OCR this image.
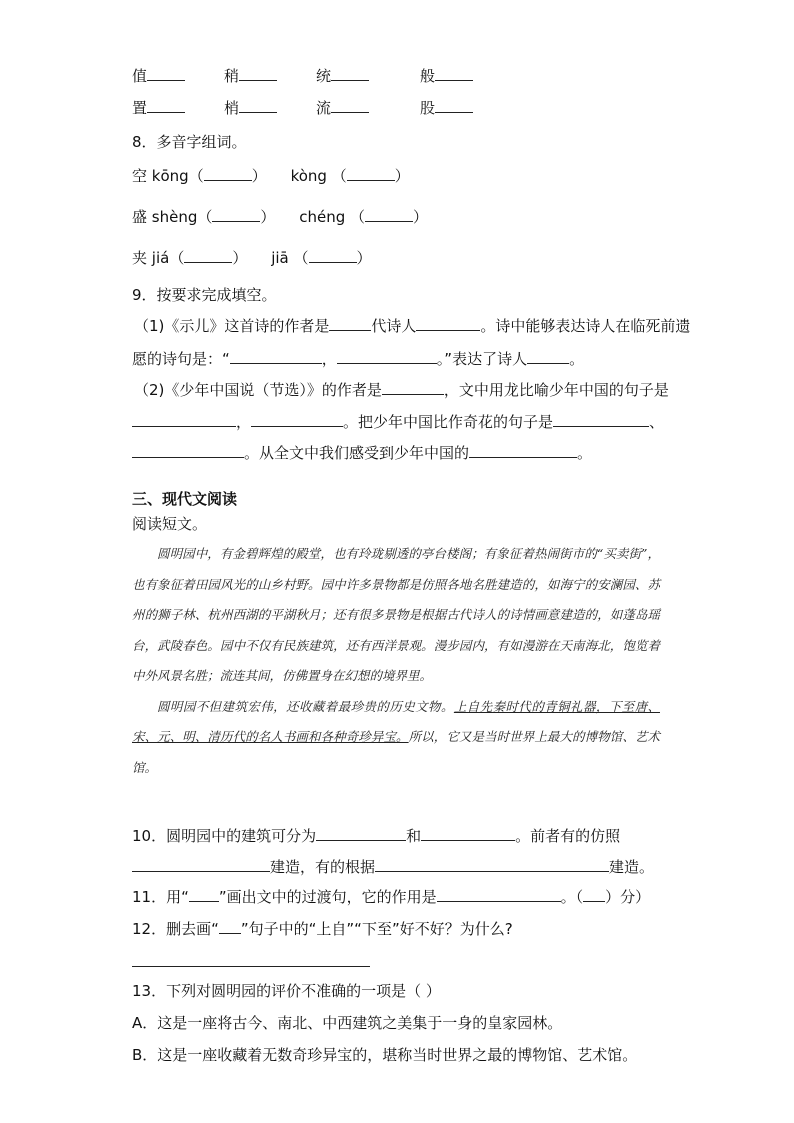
值	稍	统	般
置	梢	流	股
8．多音字组词。
空 kōng（	）     kòng （	）
盛 shèng（	）     chéng （	）
夹 jiá（	）     jiā （	）
9．按要求完成填空。
（1)《示儿》这首诗的作者是	代诗人	。诗中能够表达诗人在临死前遗
愿的诗句是：“	，	。”表达了诗人	。
（2)《少年中国说（节选）》的作者是	，文中用龙比喻少年中国的句子是
，	。把少年中国比作奇花的句子是	、
。从全文中我们感受到少年中国的	。
三、现代文阅读
阅读短文。

圆明园中，有金碧辉煌的殿堂，也有玲珑剔透的亭台楼阁；有象征着热闹街市的“买卖街”，也有象征着田园风光的山乡村野。园中许多景物都是仿照各地名胜建造的，如海宁的安澜园、苏州的狮子林、杭州西湖的平湖秋月；还有很多景物是根据古代诗人的诗情画意建造的，如蓬岛瑶台，武陵春色。园中不仅有民族建筑，还有西洋景观。漫步园内，有如漫游在天南海北，饱览着中外风景名胜；流连其间，仿佛置身在幻想的境界里。

圆明园不但建筑宏伟，还收藏着最珍贵的历史文物。上自先秦时代的青铜礼器，下至唐、宋、元、明、清历代的名人书画和各种奇珍异宝。所以，它又是当时世界上最大的博物馆、艺术馆。

10．圆明园中的建筑可分为	和	。前者有的仿照
建造，有的根据	建造。
11．用“ ”画出文中的过渡句，它的作用是	。（ ）分）
12．删去画“ ”句子中的“上自”“下至”好不好？为什么?
13．下列对圆明园的评价不准确的一项是（ ）
A．这是一座将古今、南北、中西建筑之美集于一身的皇家园林。
B．这是一座收藏着无数奇珍异宝的，堪称当时世界之最的博物馆、艺术馆。
